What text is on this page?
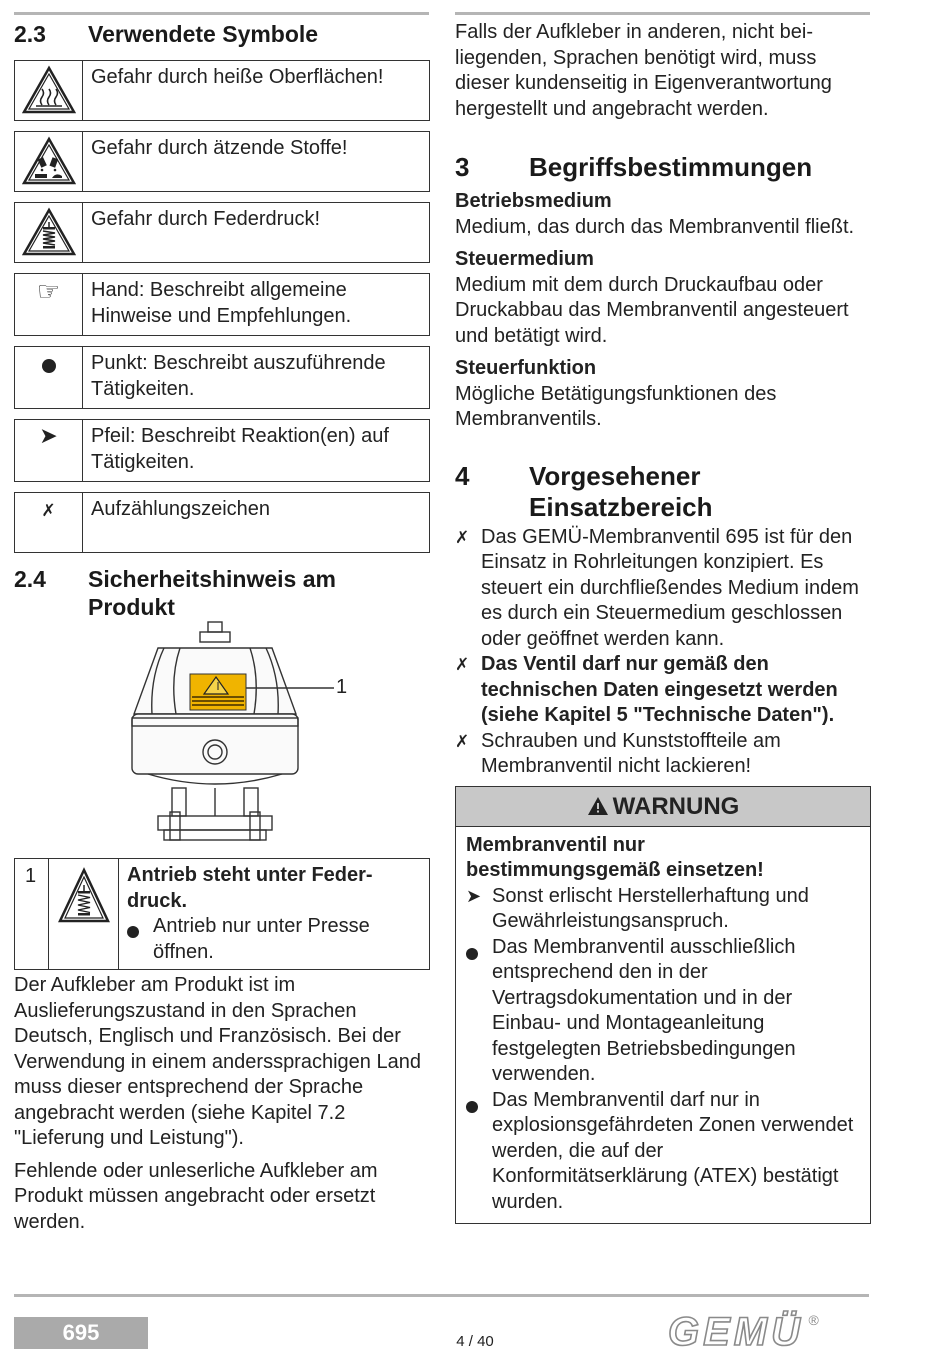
2.3	Verwendete Symbole
	Gefahr durch heiße Oberflächen!

	Gefahr durch ätzende Stoffe!

	Gefahr durch Federdruck!

☞	Hand: Beschreibt allgemeine Hinweise und Empfehlungen.

	Punkt: Beschreibt auszuführende Tätigkeiten.

➤	Pfeil: Beschreibt Reaktion(en) auf Tätigkeiten.

✗	Aufzählungszeichen
2.4	Sicherheitshinweis am Produkt
1
1	Antrieb steht unter Feder-druck.
Antrieb nur unter Presse öffnen.

Der Aufkleber am Produkt ist im Auslieferungszustand in den Sprachen Deutsch, Englisch und Französisch. Bei der Verwendung in einem anderssprachigen Land muss dieser entsprechend der Sprache angebracht werden (siehe Kapitel 7.2 "Lieferung und Leistung").

Fehlende oder unleserliche Aufkleber am Produkt müssen angebracht oder ersetzt werden.

Falls der Aufkleber in anderen, nicht bei-liegenden, Sprachen benötigt wird, muss dieser kundenseitig in Eigenverantwortung hergestellt und angebracht werden.

3	Begriffsbestimmungen
Betriebsmedium
Medium, das durch das Membranventil fließt.
Steuermedium
Medium mit dem durch Druckaufbau oder Druckabbau das Membranventil angesteuert und betätigt wird.
Steuerfunktion
Mögliche Betätigungsfunktionen des Membranventils.
4	Vorgesehener
Einsatzbereich
✗ Das GEMÜ-Membranventil 695 ist für den Einsatz in Rohrleitungen konzipiert. Es steuert ein durchfließendes Medium indem es durch ein Steuermedium geschlossen oder geöffnet werden kann.
✗ Das Ventil darf nur gemäß den technischen Daten eingesetzt werden (siehe Kapitel 5 "Technische Daten").
✗ Schrauben und Kunststoffteile am Membranventil nicht lackieren!
WARNUNG
Membranventil nur bestimmungsgemäß einsetzen!
➤ Sonst erlischt Herstellerhaftung und Gewährleistungsanspruch.
Das Membranventil ausschließlich entsprechend den in der Vertragsdokumentation und in der Einbau- und Montageanleitung festgelegten Betriebsbedingungen verwenden.
Das Membranventil darf nur in explosionsgefährdeten Zonen verwendet werden, die auf der Konformitätserklärung (ATEX) bestätigt wurden.
695	4 / 40	GEMÜ ®
